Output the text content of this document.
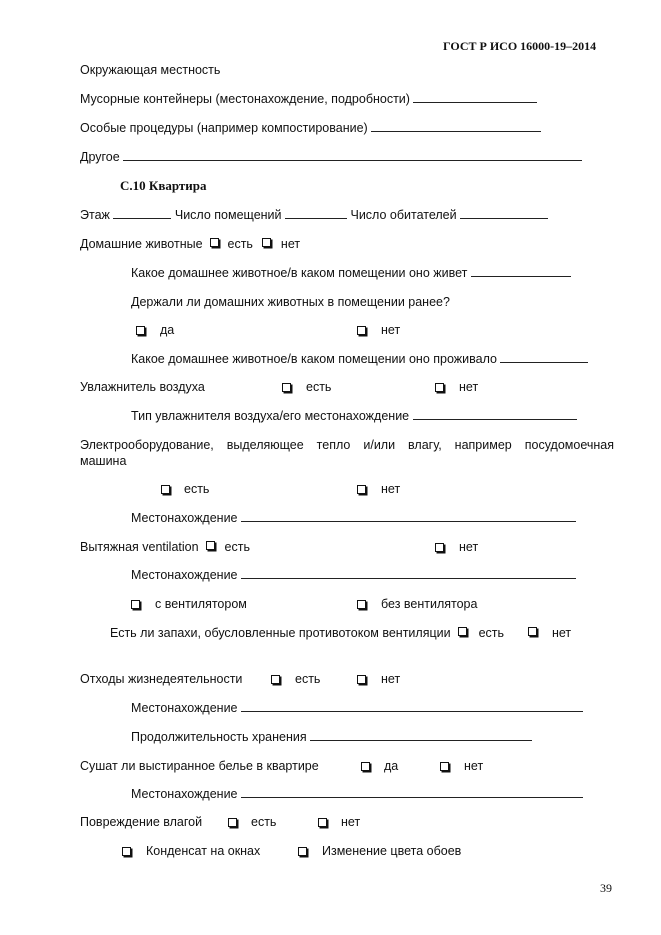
ГОСТ Р ИСО 16000-19–2014
Окружающая местность
Мусорные контейнеры (местонахождение, подробности)
Особые процедуры (например компостирование)
Другое
С.10 Квартира
Этаж	Число помещений	Число обитателей
Домашние животные есть нет
Какое домашнее животное/в каком помещении оно живет
Держали ли домашних животных в помещении ранее?
да	нет
Какое домашнее животное/в каком помещении оно проживало
Увлажнитель воздуха	есть	нет
Тип увлажнителя воздуха/его местонахождение
Электрооборудование, выделяющее тепло и/или влагу, например посудомоечная
машина
есть	нет
Местонахождение
Вытяжная ventilation есть	нет
Местонахождение
с вентилятором	без вентилятора
Есть ли запахи, обусловленные противотоком вентиляции есть	нет
Отходы жизнедеятельности	есть	нет
Местонахождение
Продолжительность хранения
Сушат ли выстиранное белье в квартире	да	нет
Местонахождение
Повреждение влагой	есть	нет
Конденсат на окнах	Изменение цвета обоев
39
